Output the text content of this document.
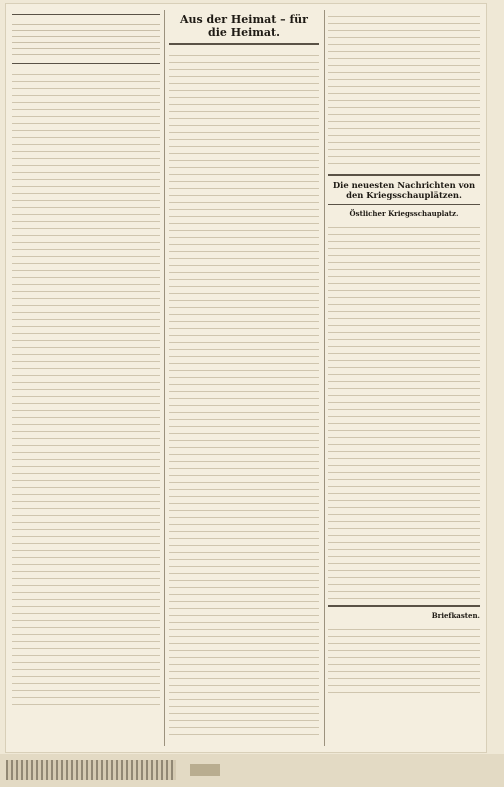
Aus der Heimat – für die Heimat.
Die neuesten Nachrichten von den Kriegsschauplätzen.
Östlicher Kriegsschauplatz.
Briefkasten.
